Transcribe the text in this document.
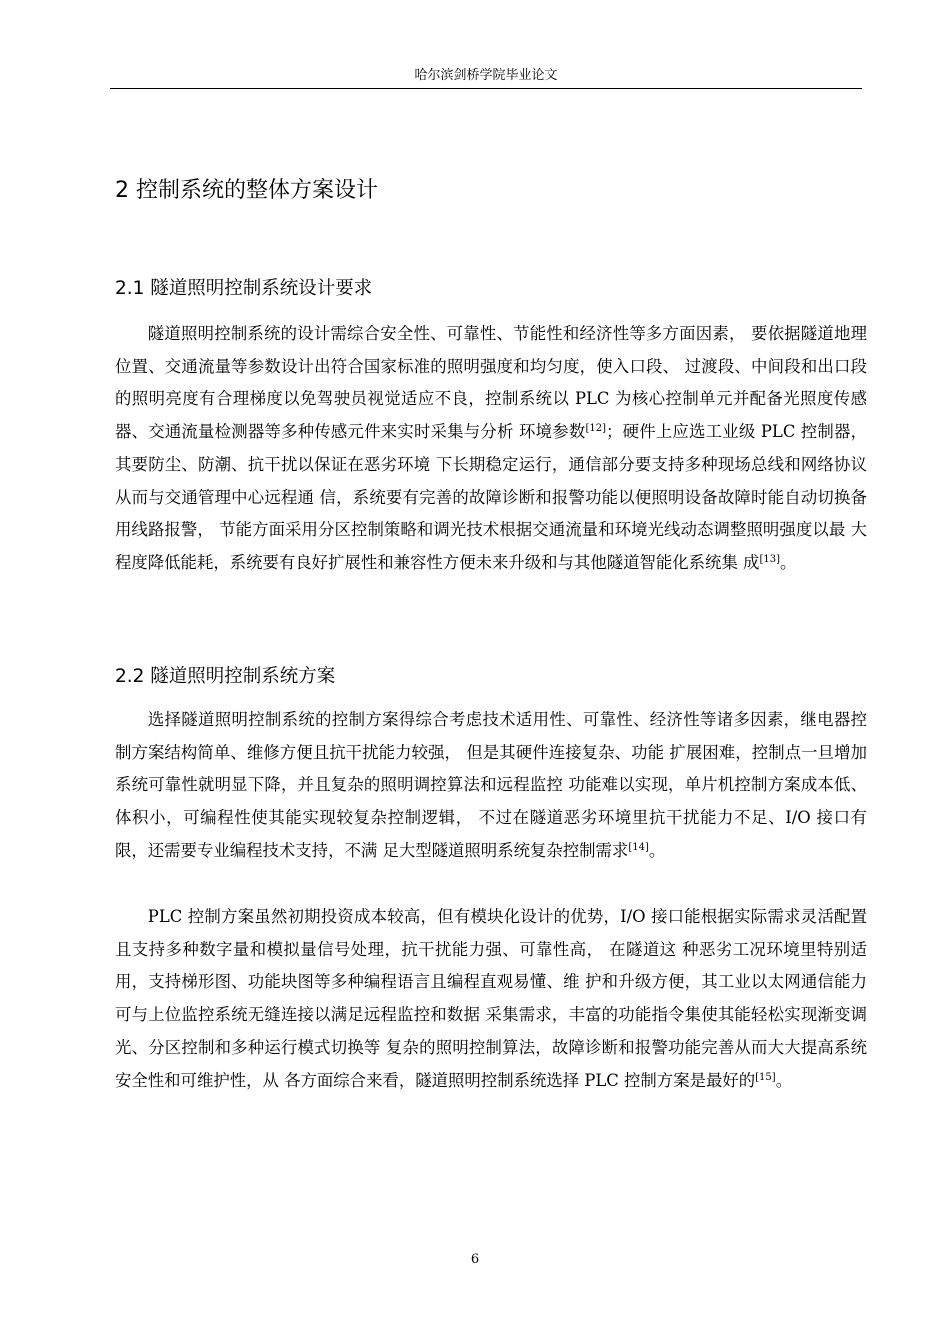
哈尔滨剑桥学院毕业论文
2 控制系统的整体方案设计
2.1 隧道照明控制系统设计要求

隧道照明控制系统的设计需综合安全性、可靠性、节能性和经济性等多方面因素， 要依据隧道地理位置、交通流量等参数设计出符合国家标准的照明强度和均匀度，使入口段、 过渡段、中间段和出口段的照明亮度有合理梯度以免驾驶员视觉适应不良，控制系统以 PLC 为核心控制单元并配备光照度传感器、交通流量检测器等多种传感元件来实时采集与分析 环境参数[12]；硬件上应选工业级 PLC 控制器，其要防尘、防潮、抗干扰以保证在恶劣环境 下长期稳定运行，通信部分要支持多种现场总线和网络协议从而与交通管理中心远程通 信，系统要有完善的故障诊断和报警功能以便照明设备故障时能自动切换备用线路报警， 节能方面采用分区控制策略和调光技术根据交通流量和环境光线动态调整照明强度以最 大程度降低能耗，系统要有良好扩展性和兼容性方便未来升级和与其他隧道智能化系统集 成[13]。

2.2 隧道照明控制系统方案

选择隧道照明控制系统的控制方案得综合考虑技术适用性、可靠性、经济性等诸多因素，继电器控制方案结构简单、维修方便且抗干扰能力较强， 但是其硬件连接复杂、功能 扩展困难，控制点一旦增加系统可靠性就明显下降，并且复杂的照明调控算法和远程监控 功能难以实现，单片机控制方案成本低、体积小，可编程性使其能实现较复杂控制逻辑， 不过在隧道恶劣环境里抗干扰能力不足、I/O 接口有限，还需要专业编程技术支持，不满 足大型隧道照明系统复杂控制需求[14]。

PLC 控制方案虽然初期投资成本较高，但有模块化设计的优势，I/O 接口能根据实际需求灵活配置且支持多种数字量和模拟量信号处理，抗干扰能力强、可靠性高， 在隧道这 种恶劣工况环境里特别适用，支持梯形图、功能块图等多种编程语言且编程直观易懂、维 护和升级方便，其工业以太网通信能力可与上位监控系统无缝连接以满足远程监控和数据 采集需求，丰富的功能指令集使其能轻松实现渐变调光、分区控制和多种运行模式切换等 复杂的照明控制算法，故障诊断和报警功能完善从而大大提高系统安全性和可维护性，从 各方面综合来看，隧道照明控制系统选择 PLC 控制方案是最好的[15]。

6
